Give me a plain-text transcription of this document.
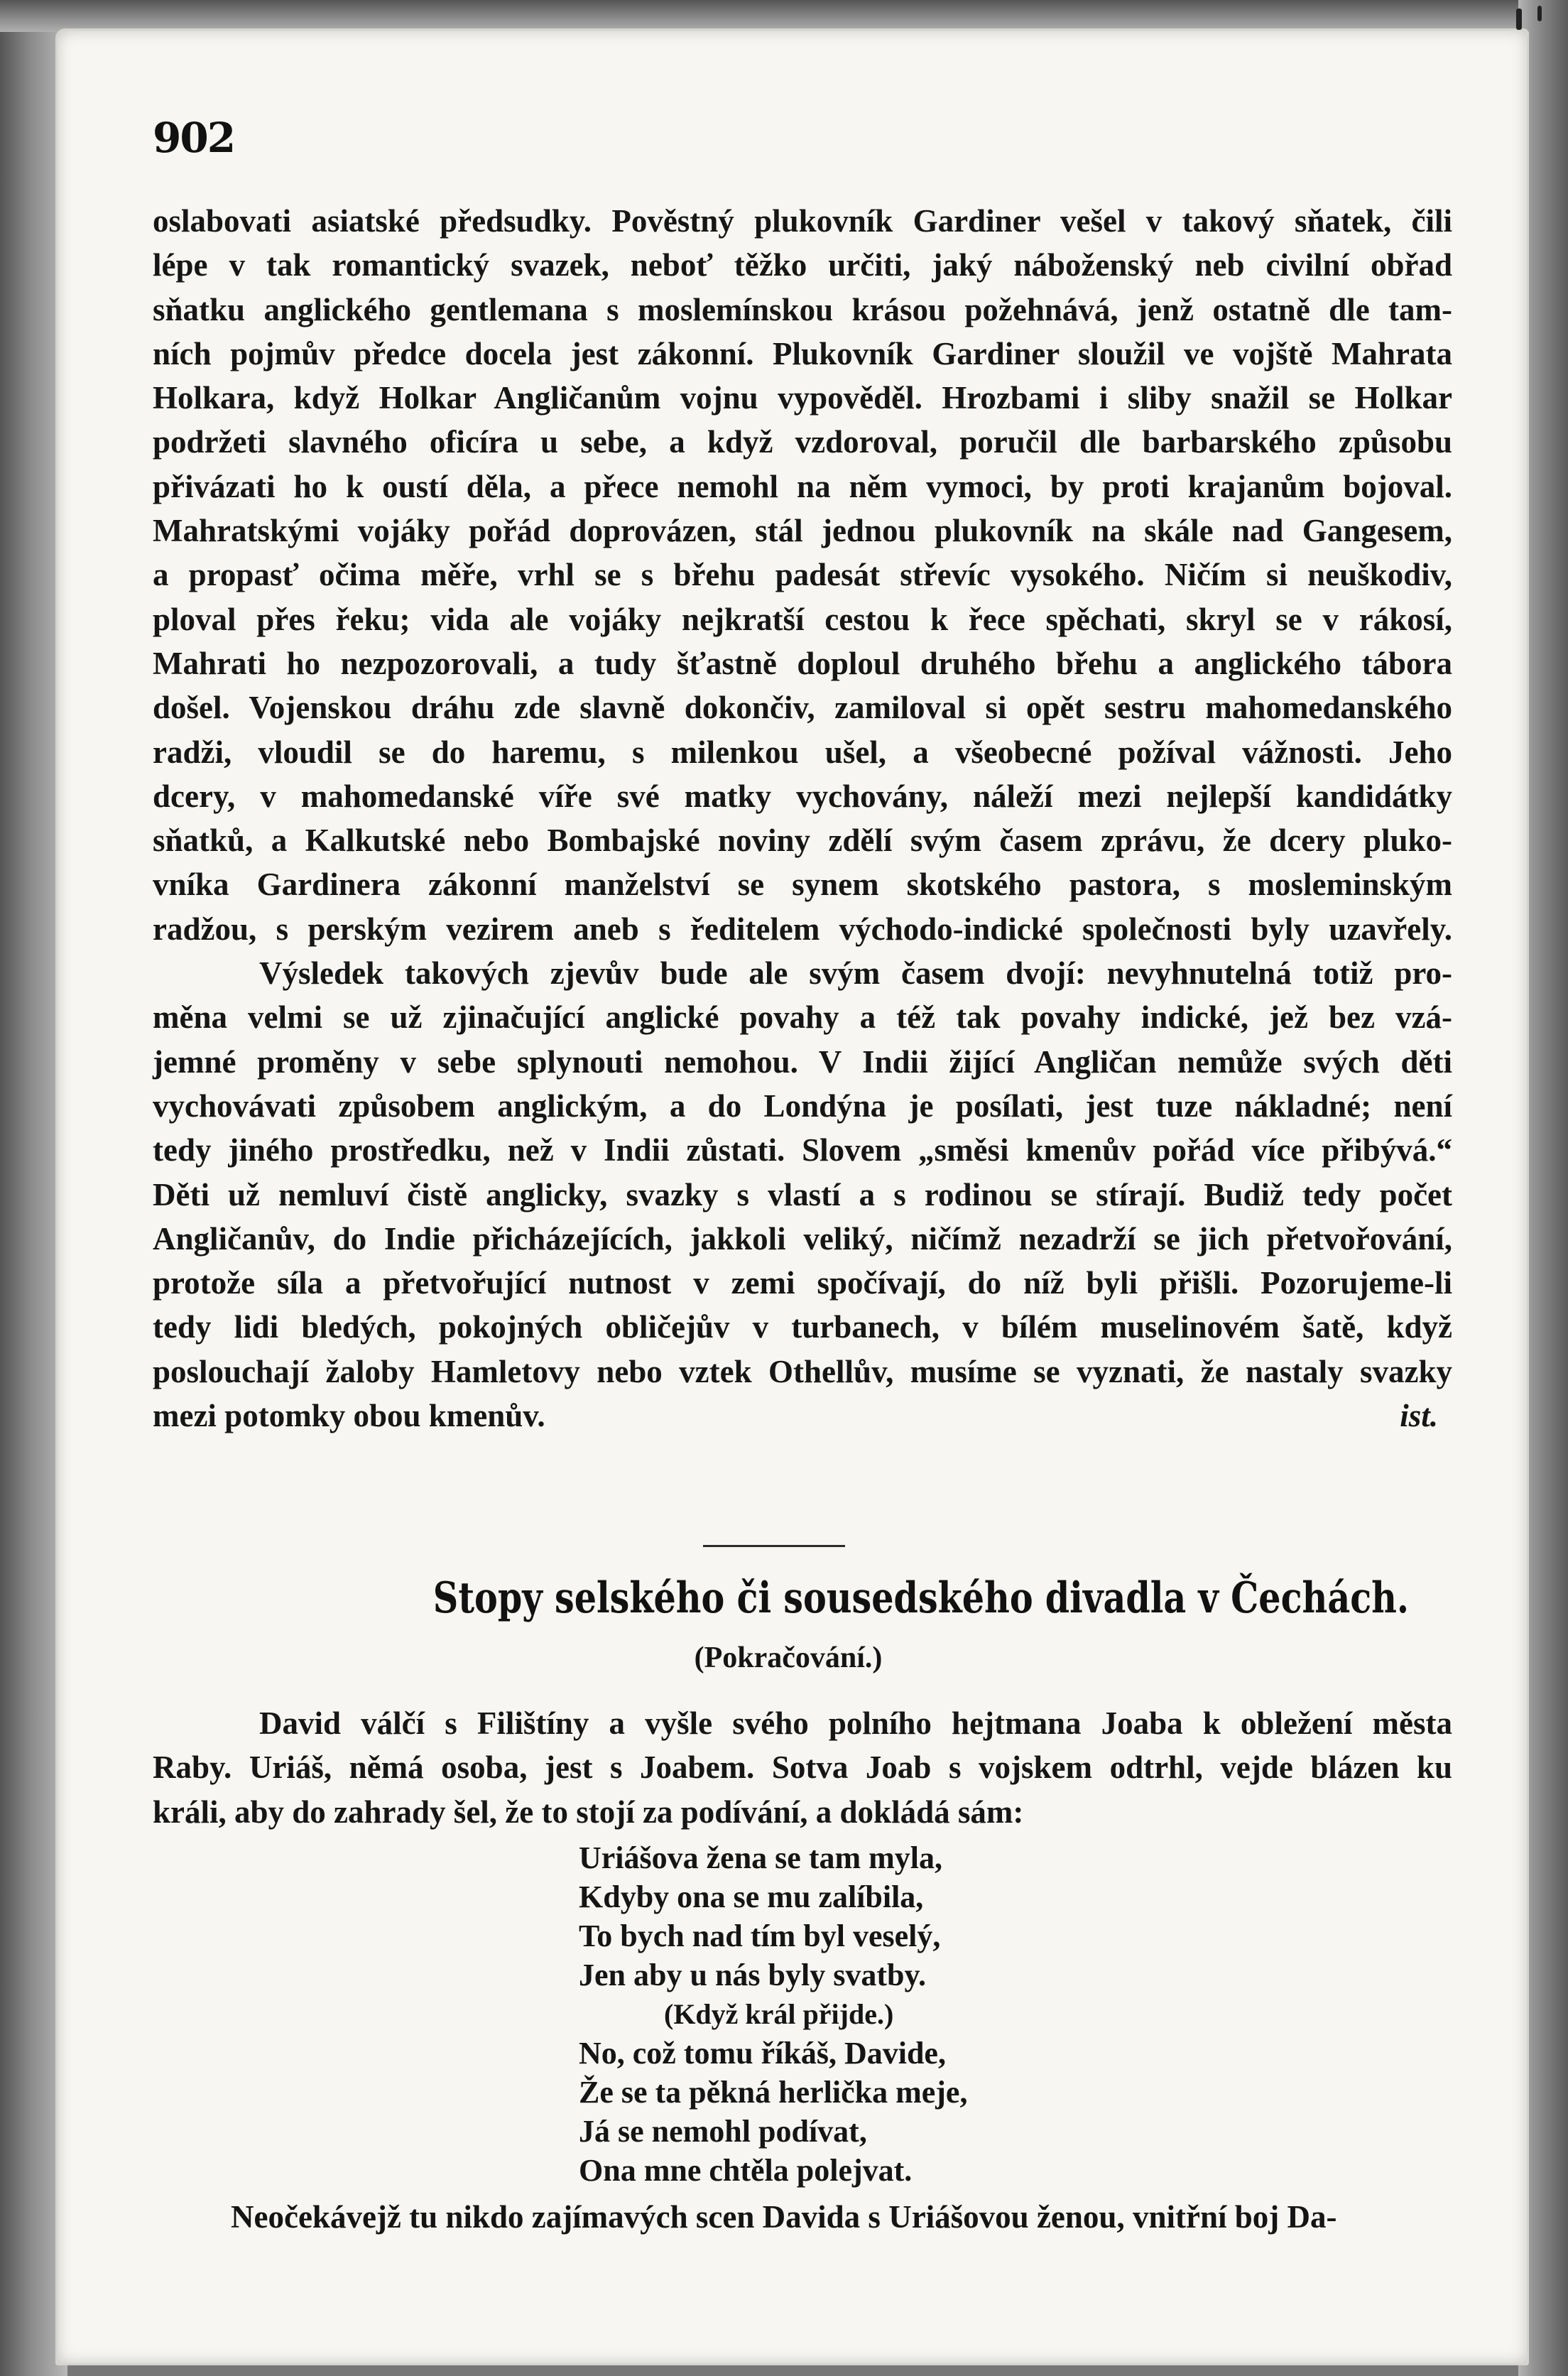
902
oslabovati asiatské předsudky. Pověstný plukovník Gardiner vešel v takový sňatek, čili
lépe v tak romantický svazek, neboť těžko určiti, jaký náboženský neb civilní obřad
sňatku anglického gentlemana s moslemínskou krásou požehnává, jenž ostatně dle tam-
ních pojmův předce docela jest zákonní. Plukovník Gardiner sloužil ve vojště Mahrata
Holkara, když Holkar Angličanům vojnu vypověděl. Hrozbami i sliby snažil se Holkar
podržeti slavného oficíra u sebe, a když vzdoroval, poručil dle barbarského způsobu
přivázati ho k oustí děla, a přece nemohl na něm vymoci, by proti krajanům bojoval.
Mahratskými vojáky pořád doprovázen, stál jednou plukovník na skále nad Gangesem,
a propasť očima měře, vrhl se s břehu padesát střevíc vysokého. Ničím si neuškodiv,
ploval přes řeku; vida ale vojáky nejkratší cestou k řece spěchati, skryl se v rákosí,
Mahrati ho nezpozorovali, a tudy šťastně doploul druhého břehu a anglického tábora
došel. Vojenskou dráhu zde slavně dokončiv, zamiloval si opět sestru mahomedanského
radži, vloudil se do haremu, s milenkou ušel, a všeobecné požíval vážnosti. Jeho
dcery, v mahomedanské víře své matky vychovány, náleží mezi nejlepší kandidátky
sňatků, a Kalkutské nebo Bombajské noviny zdělí svým časem zprávu, že dcery pluko-
vníka Gardinera zákonní manželství se synem skotského pastora, s mosleminským
radžou, s perským vezirem aneb s ředitelem východo-indické společnosti byly uzavřely.
Výsledek takových zjevův bude ale svým časem dvojí: nevyhnutelná totiž pro-
měna velmi se už zjinačující anglické povahy a též tak povahy indické, jež bez vzá-
jemné proměny v sebe splynouti nemohou. V Indii žijící Angličan nemůže svých děti
vychovávati způsobem anglickým, a do Londýna je posílati, jest tuze nákladné; není
tedy jiného prostředku, než v Indii zůstati. Slovem „směsi kmenův pořád více přibývá.“
Děti už nemluví čistě anglicky, svazky s vlastí a s rodinou se stírají. Budiž tedy počet
Angličanův, do Indie přicházejících, jakkoli veliký, ničímž nezadrží se jich přetvořování,
protože síla a přetvořující nutnost v zemi spočívají, do níž byli přišli. Pozorujeme-li
tedy lidi bledých, pokojných obličejův v turbanech, v bílém muselinovém šatě, když
poslouchají žaloby Hamletovy nebo vztek Othellův, musíme se vyznati, že nastaly svazky
mezi potomky obou kmenův.	ist.
Stopy selského či sousedského divadla v Čechách.
(Pokračování.)
David válčí s Filištíny a vyšle svého polního hejtmana Joaba k obležení města
Raby. Uriáš, němá osoba, jest s Joabem. Sotva Joab s vojskem odtrhl, vejde blázen ku
králi, aby do zahrady šel, že to stojí za podívání, a dokládá sám:
Uriášova žena se tam myla,
Kdyby ona se mu zalíbila,
To bych nad tím byl veselý,
Jen aby u nás byly svatby.
(Když král přijde.)
No, což tomu říkáš, Davide,
Že se ta pěkná herlička meje,
Já se nemohl podívat,
Ona mne chtěla polejvat.
Neočekávejž tu nikdo zajímavých scen Davida s Uriášovou ženou, vnitřní boj Da-
